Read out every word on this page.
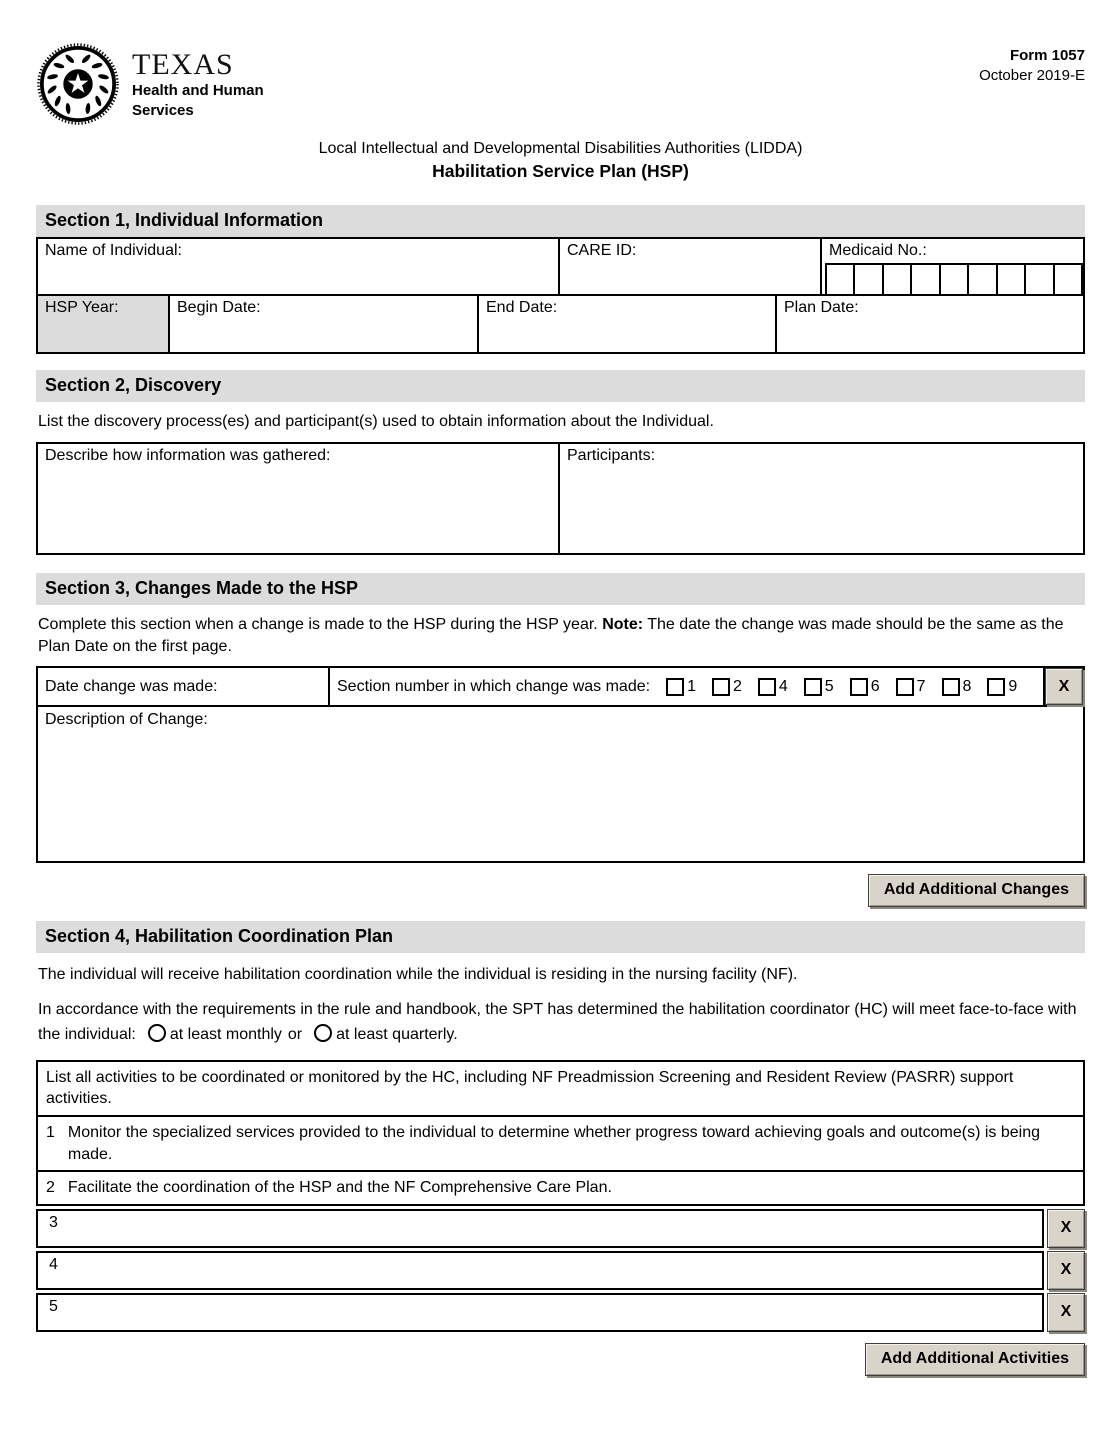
TEXAS
Health and Human
Services
Form 1057
October 2019-E
Local Intellectual and Developmental Disabilities Authorities (LIDDA)
Habilitation Service Plan (HSP)
Section 1, Individual Information
Name of Individual:	CARE ID:	Medicaid No.:
HSP Year:	Begin Date:	End Date:	Plan Date:
Section 2, Discovery
List the discovery process(es) and participant(s) used to obtain information about the Individual.
Describe how information was gathered:	Participants:
Section 3, Changes Made to the HSP
Complete this section when a change is made to the HSP during the HSP year. Note: The date the change was made should be the same as the Plan Date on the first page.
Date change was made:	Section number in which change was made: 1 2 4 5 6 7 8 9	X
Description of Change:
Add Additional Changes
Section 4, Habilitation Coordination Plan
The individual will receive habilitation coordination while the individual is residing in the nursing facility (NF).
In accordance with the requirements in the rule and handbook, the SPT has determined the habilitation coordinator (HC) will meet face-to-face with the individual: at least monthly or at least quarterly.
List all activities to be coordinated or monitored by the HC, including NF Preadmission Screening and Resident Review (PASRR) support activities.
1 Monitor the specialized services provided to the individual to determine whether progress toward achieving goals and outcome(s) is being made.
2 Facilitate the coordination of the HSP and the NF Comprehensive Care Plan.
3	X
4	X
5	X
Add Additional Activities
